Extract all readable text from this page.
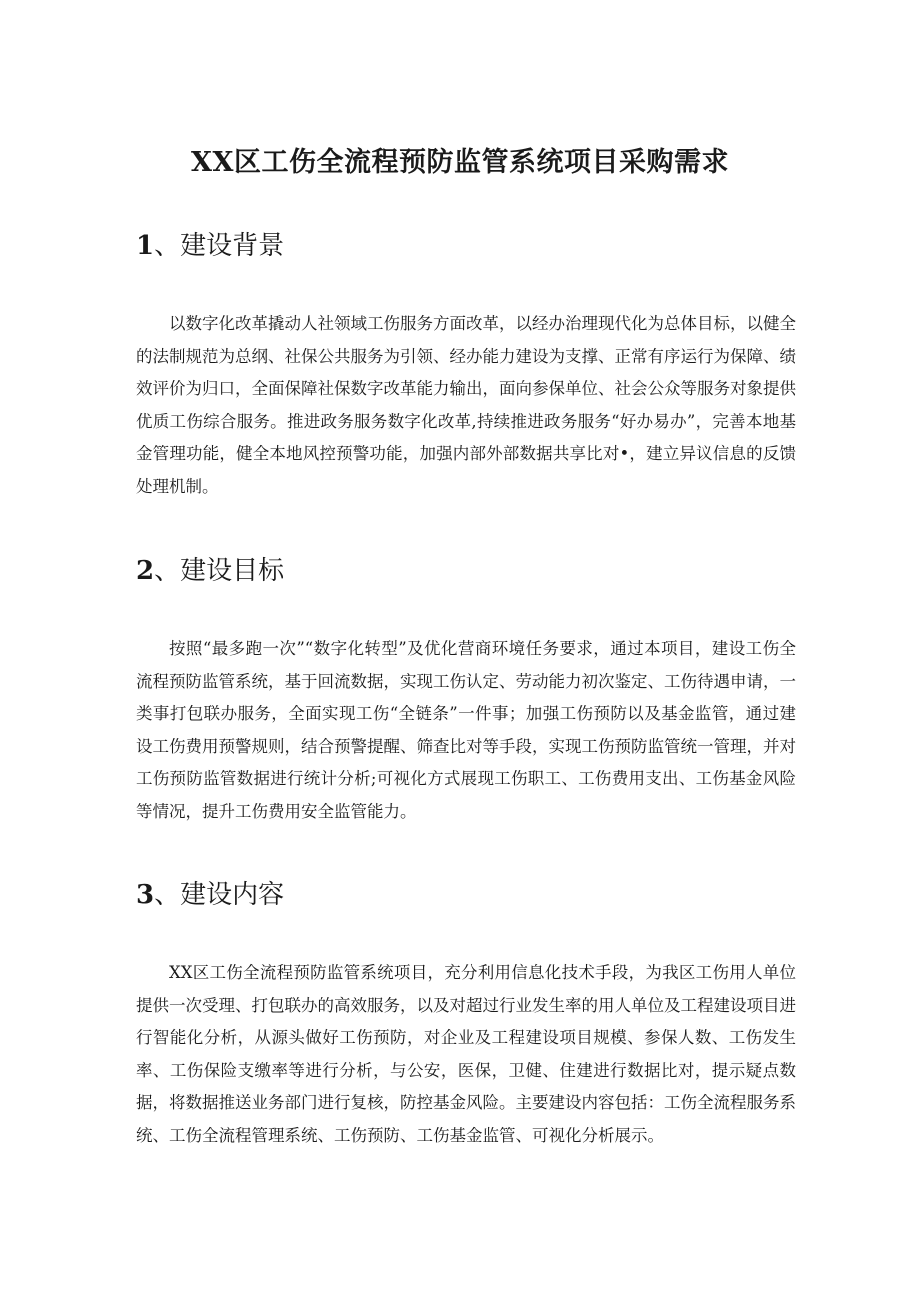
XX区工伤全流程预防监管系统项目采购需求
1、建设背景

以数字化改革撬动人社领域工伤服务方面改革，以经办治理现代化为总体目标，以健全的法制规范为总纲、社保公共服务为引领、经办能力建设为支撑、正常有序运行为保障、绩效评价为归口，全面保障社保数字改革能力输出，面向参保单位、社会公众等服务对象提供优质工伤综合服务。推进政务服务数字化改革,持续推进政务服务“好办易办”，完善本地基金管理功能，健全本地风控预警功能，加强内部外部数据共享比对•，建立异议信息的反馈处理机制。

2、建设目标

按照“最多跑一次”“数字化转型”及优化营商环境任务要求，通过本项目，建设工伤全流程预防监管系统，基于回流数据，实现工伤认定、劳动能力初次鉴定、工伤待遇申请，一类事打包联办服务，全面实现工伤“全链条”一件事；加强工伤预防以及基金监管，通过建设工伤费用预警规则，结合预警提醒、筛查比对等手段，实现工伤预防监管统一管理，并对工伤预防监管数据进行统计分析;可视化方式展现工伤职工、工伤费用支出、工伤基金风险等情况，提升工伤费用安全监管能力。

3、建设内容

XX区工伤全流程预防监管系统项目，充分利用信息化技术手段，为我区工伤用人单位提供一次受理、打包联办的高效服务，以及对超过行业发生率的用人单位及工程建设项目进行智能化分析，从源头做好工伤预防，对企业及工程建设项目规模、参保人数、工伤发生率、工伤保险支缴率等进行分析，与公安，医保，卫健、住建进行数据比对，提示疑点数据，将数据推送业务部门进行复核，防控基金风险。主要建设内容包括：工伤全流程服务系统、工伤全流程管理系统、工伤预防、工伤基金监管、可视化分析展示。
